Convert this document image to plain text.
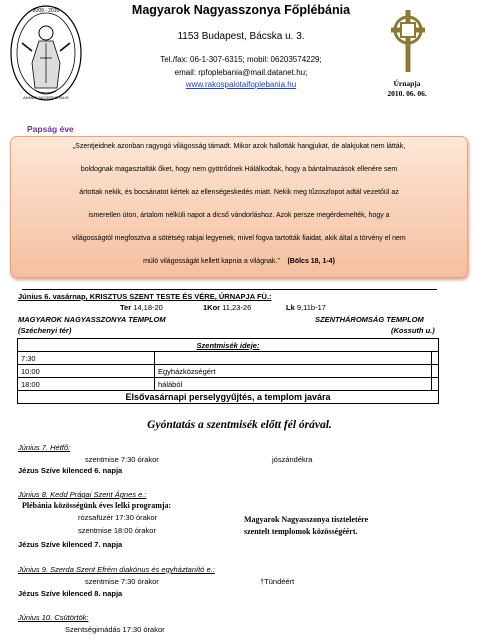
2009 - 2010
ANNUS SACERDOTALIS
Magyarok Nagyasszonya Főplébánia
1153 Budapest, Bácska u. 3.
Tel./fax: 06-1-307-6315; mobil: 06203574229;
email: rpfoplebania@mail.datanet.hu;
www.rakospalotaifoplebania.hu	Úrnapja
2010. 06. 06.
Papság éve
„Szentjeidnek azonban ragyogó világosság támadt. Mikor azok hallották hangjukat, de alakjukat nem látták,
boldognak magasztalták őket, hogy nem gyötrődnek Hálálkodtak, hogy a bántalmazások ellenére sem
ártottak nekik, és bocsánatot kértek az ellenségeskedés miatt. Nekik meg tűzoszlopot adtál vezetőül az
ismeretlen úton, ártalom nélküli napot a dicső vándorláshoz. Azok persze megérdemelték, hogy a
világosságtól megfosztva a sötétség rabjai legyenek, mivel fogva tartották fiaidat, akik által a törvény el nem
múló világosságát kellett kapnia a világnak.” (Bölcs 18, 1-4)
Június 6. vasárnap, KRISZTUS SZENT TESTE ÉS VÉRE, ÚRNAPJA FÜ.:
Ter 14,18-20	1Kor 11,23-26	Lk 9,11b-17
MAGYAROK NAGYASSZONYA TEMPLOM
(Széchenyi tér)
SZENTHÁROMSÁG TEMPLOM
(Kossuth u.)
Szentmisék ideje:		
7:30		
10:00	Egyházközségért	
18:00	hálából	
Elsővasárnapi perselygyűjtés, a templom javára		
Gyóntatás a szentmisék előtt fél órával.
Június 7. Hétfő:
szentmise 7:30 órakor	jószándékra
Jézus Szíve kilenced 6. napja
Június 8. Kedd Prágai Szent Ágnes e.:
Plébánia közösségünk éves lelki programja:
rózsafüzér 17:30 órakor
szentmise 18:00 órakor
Magyarok Nagyasszonya tiszteletére
szentelt templomok közösségéért.
Jézus Szíve kilenced 7. napja
Június 9. Szerda Szent Efrém diakónus és egyháztanító e.:
szentmise 7:30 órakor	†Tündéért
Jézus Szíve kilenced 8. napja
Június 10. Csütörtök:
Szentségimádás 17:30 órakor
